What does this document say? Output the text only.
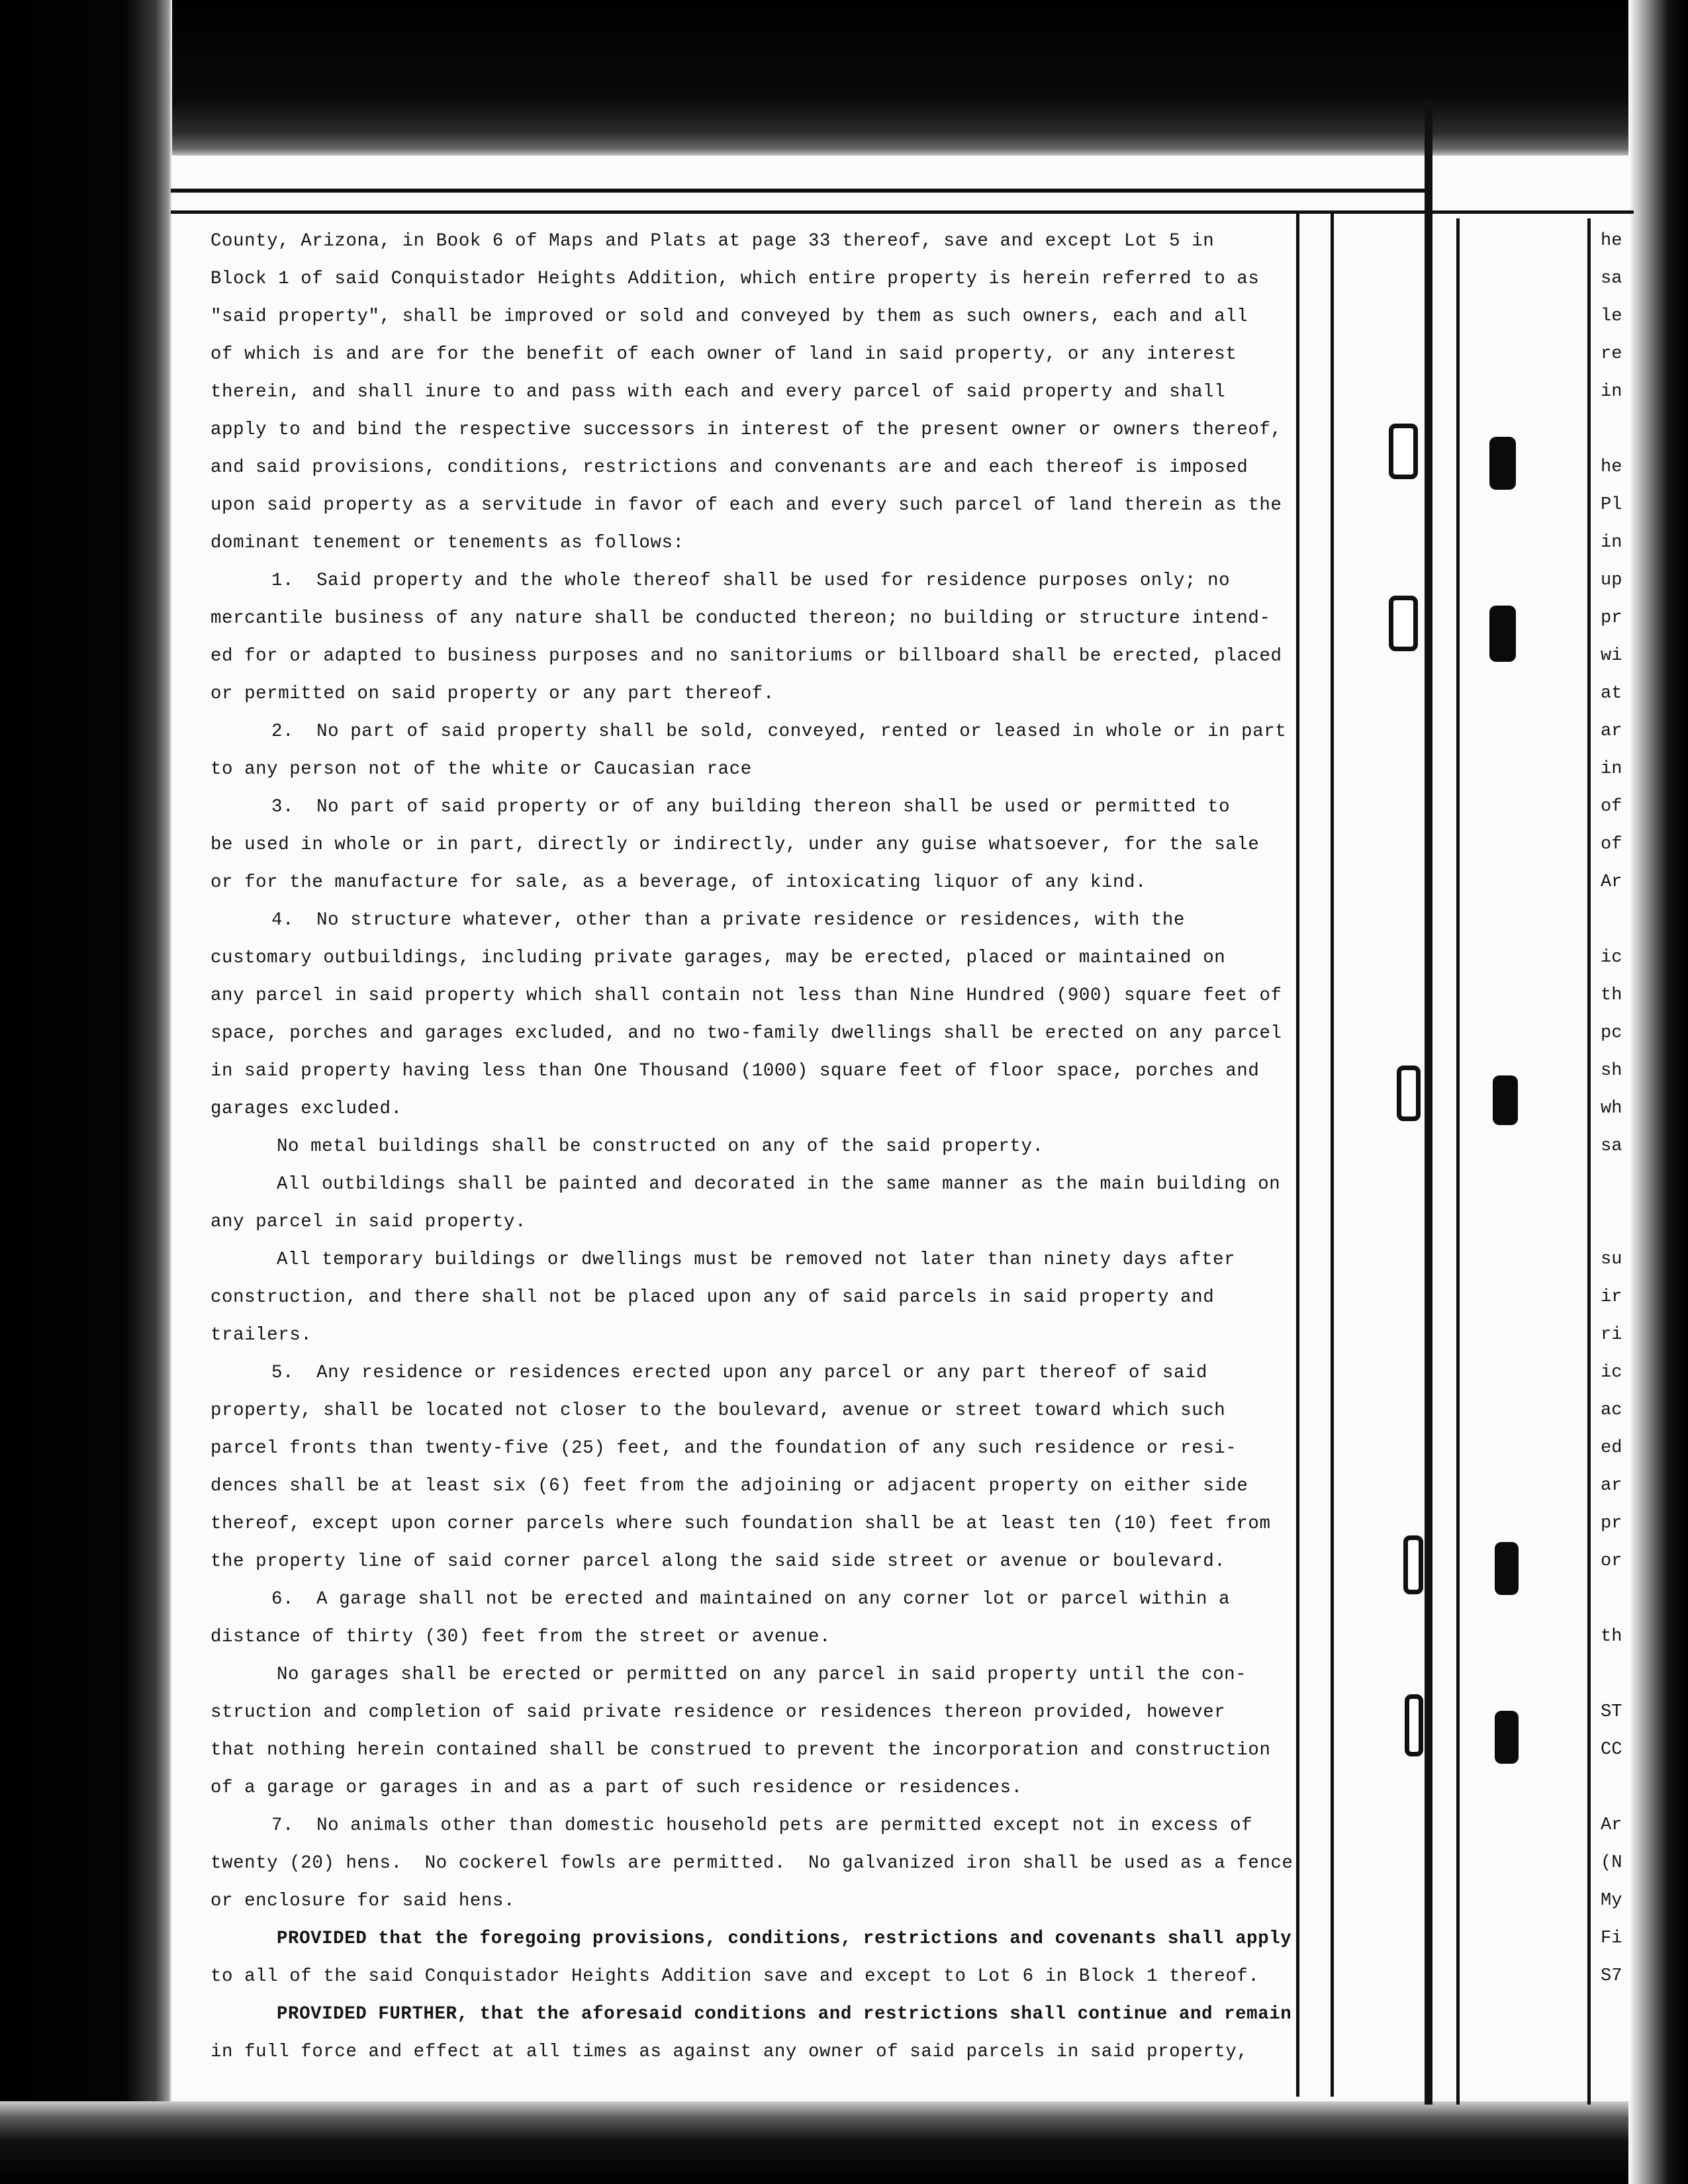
County, Arizona, in Book 6 of Maps and Plats at page 33 thereof, save and except Lot 5 in
Block 1 of said Conquistador Heights Addition, which entire property is herein referred to as
"said property", shall be improved or sold and conveyed by them as such owners, each and all
of which is and are for the benefit of each owner of land in said property, or any interest
therein, and shall inure to and pass with each and every parcel of said property and shall
apply to and bind the respective successors in interest of the present owner or owners thereof,
and said provisions, conditions, restrictions and convenants are and each thereof is imposed
upon said property as a servitude in favor of each and every such parcel of land therein as the
dominant tenement or tenements as follows:
1.  Said property and the whole thereof shall be used for residence purposes only; no
mercantile business of any nature shall be conducted thereon; no building or structure intend-
ed for or adapted to business purposes and no sanitoriums or billboard shall be erected, placed
or permitted on said property or any part thereof.
2.  No part of said property shall be sold, conveyed, rented or leased in whole or in part
to any person not of the white or Caucasian race
3.  No part of said property or of any building thereon shall be used or permitted to
be used in whole or in part, directly or indirectly, under any guise whatsoever, for the sale
or for the manufacture for sale, as a beverage, of intoxicating liquor of any kind.
4.  No structure whatever, other than a private residence or residences, with the
customary outbuildings, including private garages, may be erected, placed or maintained on
any parcel in said property which shall contain not less than Nine Hundred (900) square feet of
space, porches and garages excluded, and no two-family dwellings shall be erected on any parcel
in said property having less than One Thousand (1000) square feet of floor space, porches and
garages excluded.
No metal buildings shall be constructed on any of the said property.
All outbildings shall be painted and decorated in the same manner as the main building on
any parcel in said property.
All temporary buildings or dwellings must be removed not later than ninety days after
construction, and there shall not be placed upon any of said parcels in said property and
trailers.
5.  Any residence or residences erected upon any parcel or any part thereof of said
property, shall be located not closer to the boulevard, avenue or street toward which such
parcel fronts than twenty-five (25) feet, and the foundation of any such residence or resi-
dences shall be at least six (6) feet from the adjoining or adjacent property on either side
thereof, except upon corner parcels where such foundation shall be at least ten (10) feet from
the property line of said corner parcel along the said side street or avenue or boulevard.
6.  A garage shall not be erected and maintained on any corner lot or parcel within a
distance of thirty (30) feet from the street or avenue.
No garages shall be erected or permitted on any parcel in said property until the con-
struction and completion of said private residence or residences thereon provided, however
that nothing herein contained shall be construed to prevent the incorporation and construction
of a garage or garages in and as a part of such residence or residences.
7.  No animals other than domestic household pets are permitted except not in excess of
twenty (20) hens.  No cockerel fowls are permitted.  No galvanized iron shall be used as a fence
or enclosure for said hens.
PROVIDED that the foregoing provisions, conditions, restrictions and covenants shall apply
to all of the said Conquistador Heights Addition save and except to Lot 6 in Block 1 thereof.
PROVIDED FURTHER, that the aforesaid conditions and restrictions shall continue and remain
in full force and effect at all times as against any owner of said parcels in said property,
he
sa
le
re
in
he
Pl
in
up
pr
wi
at
ar
in
of
of
Ar
ic
th
pc
sh
wh
sa
su
ir
ri
ic
ac
ed
ar
pr
or
th
ST
CC
Ar
(N
My
Fi
S7
